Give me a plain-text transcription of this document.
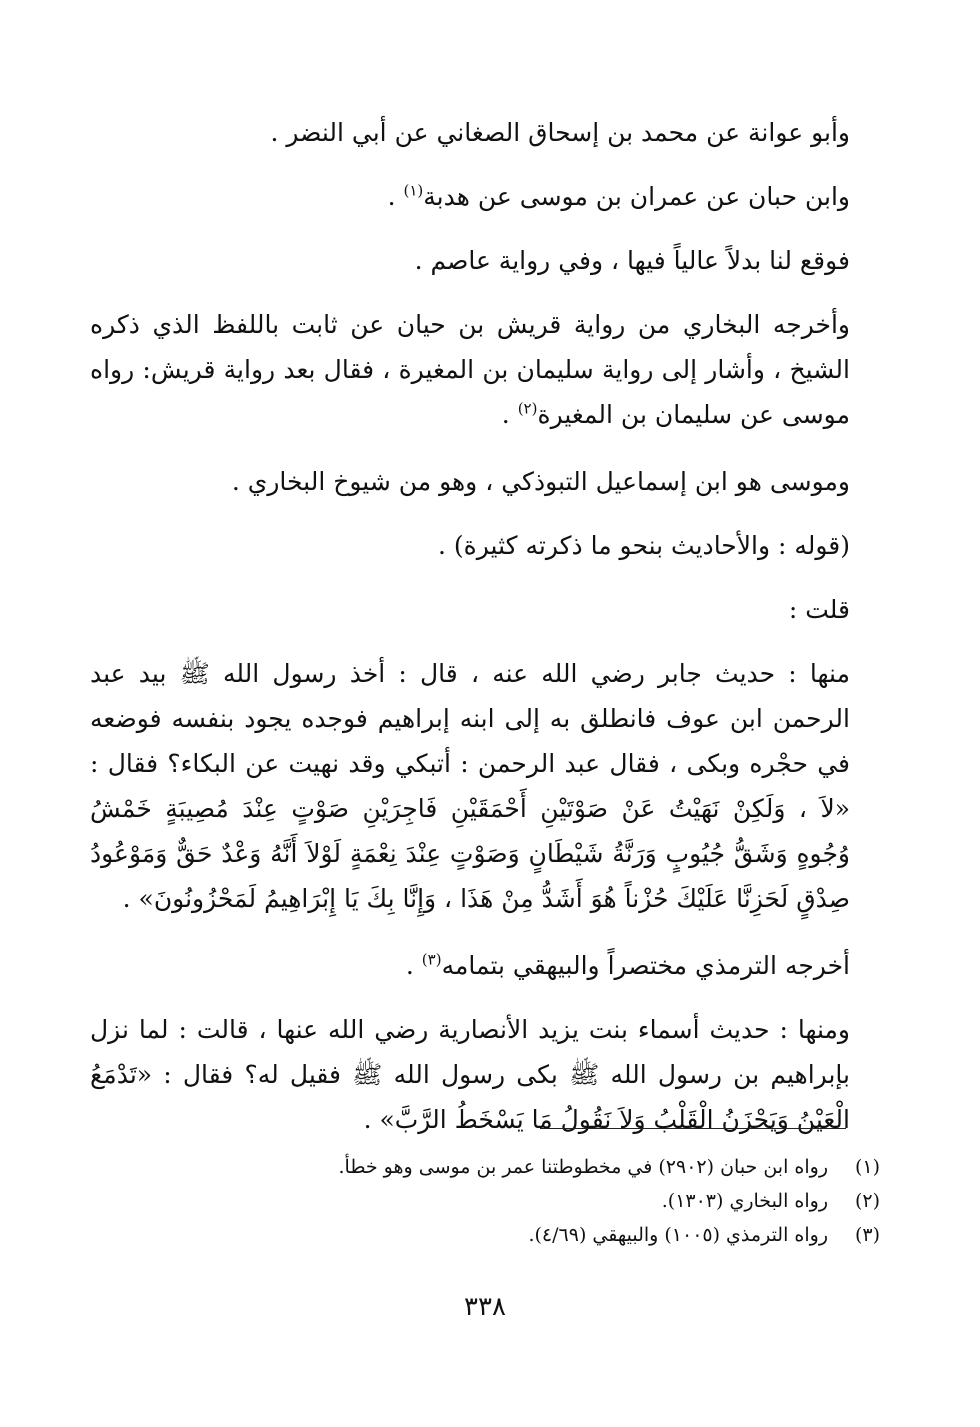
وأبو عوانة عن محمد بن إسحاق الصغاني عن أبي النضر .

وابن حبان عن عمران بن موسى عن هدبة$^{(١)}$ .

فوقع لنا بدلاً عالياً فيها ، وفي رواية عاصم .

وأخرجه البخاري من رواية قريش بن حيان عن ثابت باللفظ الذي ذكره الشيخ ، وأشار إلى رواية سليمان بن المغيرة ، فقال بعد رواية قريش: رواه موسى عن سليمان بن المغيرة$^{(٢)}$ .

وموسى هو ابن إسماعيل التبوذكي ، وهو من شيوخ البخاري .

(قوله : والأحاديث بنحو ما ذكرته كثيرة) .

قلت :

منها : حديث جابر رضي الله عنه ، قال : أخذ رسول الله ﷺ بيد عبد الرحمن ابن عوف فانطلق به إلى ابنه إبراهيم فوجده يجود بنفسه فوضعه في حجْره وبكى ، فقال عبد الرحمن : أتبكي وقد نهيت عن البكاء؟ فقال : «لاَ ، وَلَكِنْ نَهَيْتُ عَنْ صَوْتَيْنِ أَحْمَقَيْنِ فَاجِرَيْنِ صَوْتٍ عِنْدَ مُصِيبَةٍ خَمْشُ وُجُوهٍ وَشَقُّ جُيُوبٍ وَرَنَّةُ شَيْطَانٍ وَصَوْتٍ عِنْدَ نِعْمَةٍ لَوْلاَ أَنَّهُ وَعْدٌ حَقٌّ وَمَوْعُودُ صِدْقٍ لَحَزِنَّا عَلَيْكَ حُزْناً هُوَ أَشَدُّ مِنْ هَذَا ، وَإِنَّا بِكَ يَا إِبْرَاهِيمُ لَمَحْزُونُونَ» .

أخرجه الترمذي مختصراً والبيهقي بتمامه$^{(٣)}$ .

ومنها : حديث أسماء بنت يزيد الأنصارية رضي الله عنها ، قالت : لما نزل بإبراهيم بن رسول الله ﷺ بكى رسول الله ﷺ فقيل له؟ فقال : «تَدْمَعُ الْعَيْنُ وَيَحْزَنُ الْقَلْبُ وَلاَ نَقُولُ مَا يَسْخَطُ الرَّبَّ» .

(١)
رواه ابن حبان (٢٩٠٢) في مخطوطتنا عمر بن موسى وهو خطأ.
(٢)
رواه البخاري (١٣٠٣).
(٣)
رواه الترمذي (١٠٠٥) والبيهقي (٤/٦٩).
٣٣٨
